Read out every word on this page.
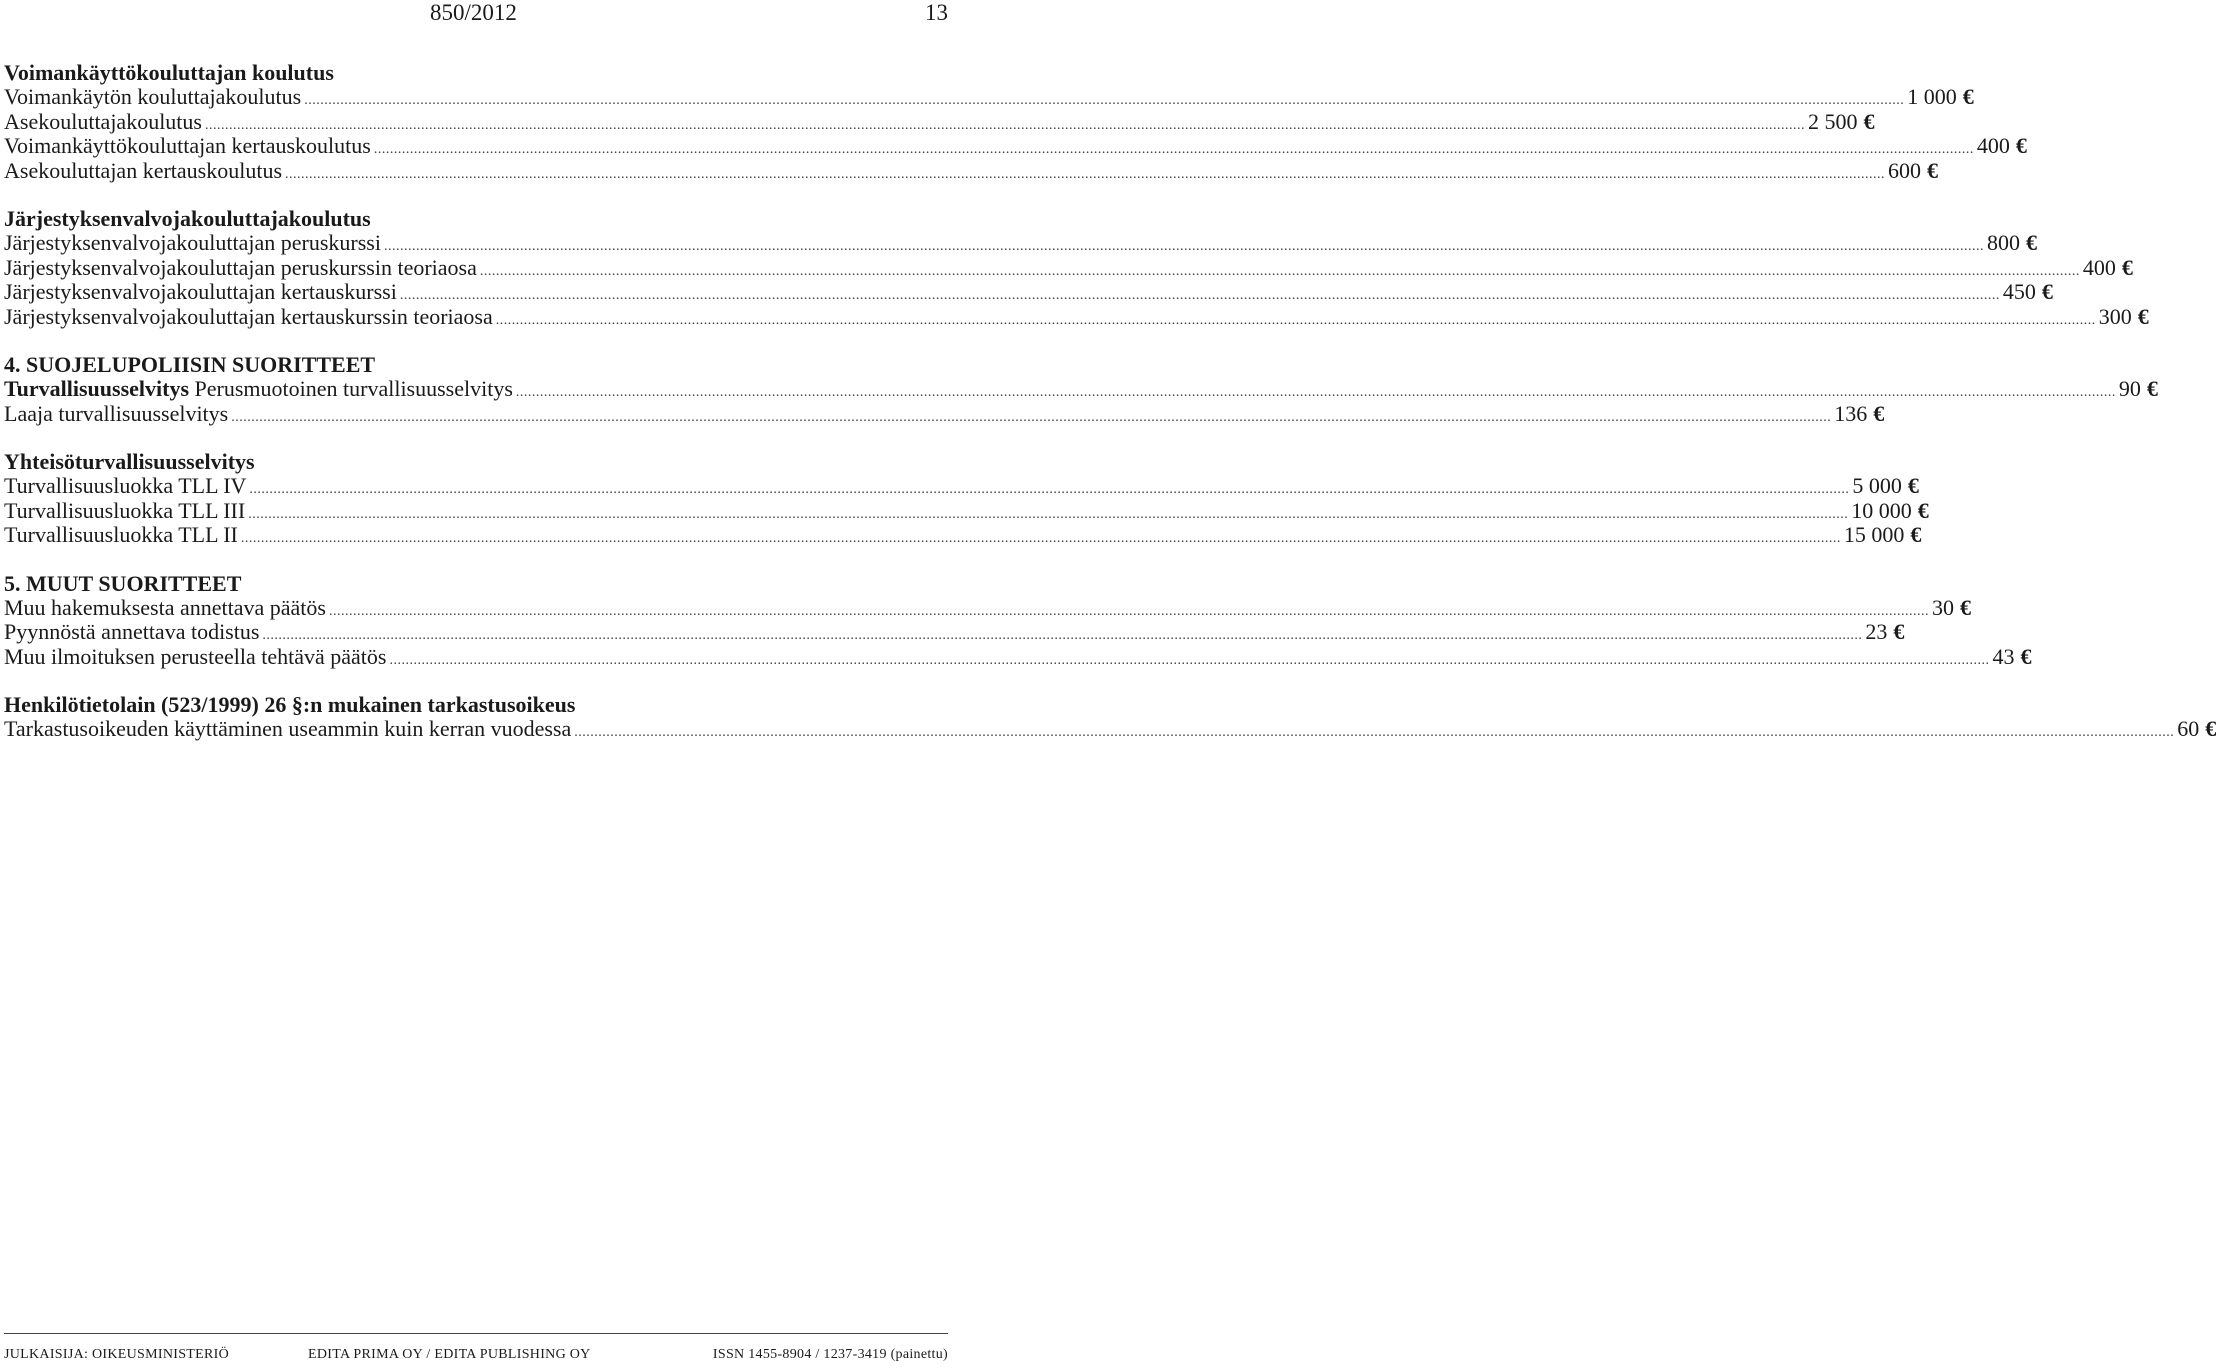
850/2012	13
Voimankäyttökouluttajan koulutus
Voimankäytön kouluttajakoulutus ................................................................................................................................................................................................................................................................................................................................................................................................................ 1 000 €
Asekouluttajakoulutus ................................................................................................................................................................................................................................................................................................................................................................................................................ 2 500 €
Voimankäyttökouluttajan kertauskoulutus ................................................................................................................................................................................................................................................................................................................................................................................................................ 400 €
Asekouluttajan kertauskoulutus ................................................................................................................................................................................................................................................................................................................................................................................................................ 600 €
Järjestyksenvalvojakouluttajakoulutus
Järjestyksenvalvojakouluttajan peruskurssi ................................................................................................................................................................................................................................................................................................................................................................................................................ 800 €
Järjestyksenvalvojakouluttajan peruskurssin teoriaosa ................................................................................................................................................................................................................................................................................................................................................................................................................ 400 €
Järjestyksenvalvojakouluttajan kertauskurssi ................................................................................................................................................................................................................................................................................................................................................................................................................ 450 €
Järjestyksenvalvojakouluttajan kertauskurssin teoriaosa ................................................................................................................................................................................................................................................................................................................................................................................................................ 300 €
4. SUOJELUPOLIISIN SUORITTEET
Turvallisuusselvitys Perusmuotoinen turvallisuusselvitys ................................................................................................................................................................................................................................................................................................................................................................................................................ 90 €
Laaja turvallisuusselvitys ................................................................................................................................................................................................................................................................................................................................................................................................................ 136 €
Yhteisöturvallisuusselvitys
Turvallisuusluokka TLL IV ................................................................................................................................................................................................................................................................................................................................................................................................................ 5 000 €
Turvallisuusluokka TLL III ................................................................................................................................................................................................................................................................................................................................................................................................................ 10 000 €
Turvallisuusluokka TLL II ................................................................................................................................................................................................................................................................................................................................................................................................................ 15 000 €
5. MUUT SUORITTEET
Muu hakemuksesta annettava päätös ................................................................................................................................................................................................................................................................................................................................................................................................................ 30 €
Pyynnöstä annettava todistus ................................................................................................................................................................................................................................................................................................................................................................................................................ 23 €
Muu ilmoituksen perusteella tehtävä päätös ................................................................................................................................................................................................................................................................................................................................................................................................................ 43 €
Henkilötietolain (523/1999) 26 §:n mukainen tarkastusoikeus
Tarkastusoikeuden käyttäminen useammin kuin kerran vuodessa ................................................................................................................................................................................................................................................................................................................................................................................................................ 60 €
JULKAISIJA: OIKEUSMINISTERIÖ	EDITA PRIMA OY / EDITA PUBLISHING OY	ISSN 1455-8904 / 1237-3419 (painettu)
